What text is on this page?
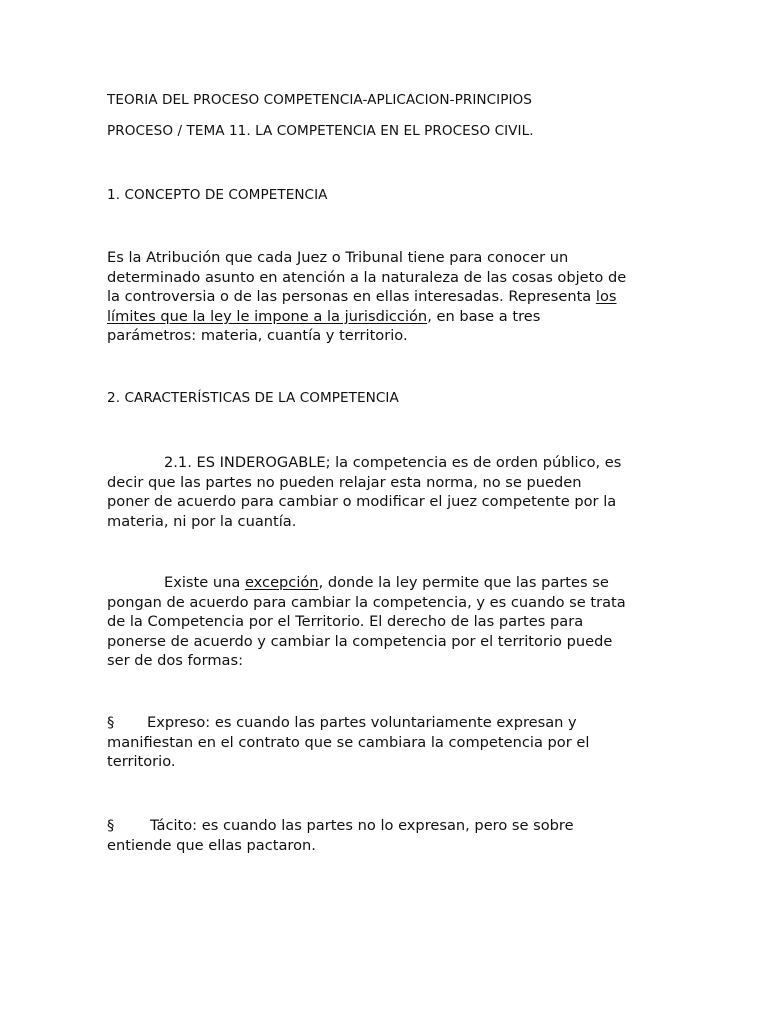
TEORIA DEL PROCESO COMPETENCIA-APLICACION-PRINCIPIOS
PROCESO / TEMA 11. LA COMPETENCIA EN EL PROCESO CIVIL.
1. CONCEPTO DE COMPETENCIA
Es la Atribución que cada Juez o Tribunal tiene para conocer un
determinado asunto en atención a la naturaleza de las cosas objeto de
la controversia o de las personas en ellas interesadas. Representa los
límites que la ley le impone a la jurisdicción, en base a tres
parámetros: materia, cuantía y territorio.
2. CARACTERÍSTICAS DE LA COMPETENCIA
2.1. ES INDEROGABLE; la competencia es de orden público, es
decir que las partes no pueden relajar esta norma, no se pueden
poner de acuerdo para cambiar o modificar el juez competente por la
materia, ni por la cuantía.
Existe una excepción, donde la ley permite que las partes se
pongan de acuerdo para cambiar la competencia, y es cuando se trata
de la Competencia por el Territorio. El derecho de las partes para
ponerse de acuerdo y cambiar la competencia por el territorio puede
ser de dos formas:
§ Expreso: es cuando las partes voluntariamente expresan y
manifiestan en el contrato que se cambiara la competencia por el
territorio.
§ Tácito: es cuando las partes no lo expresan, pero se sobre
entiende que ellas pactaron.
